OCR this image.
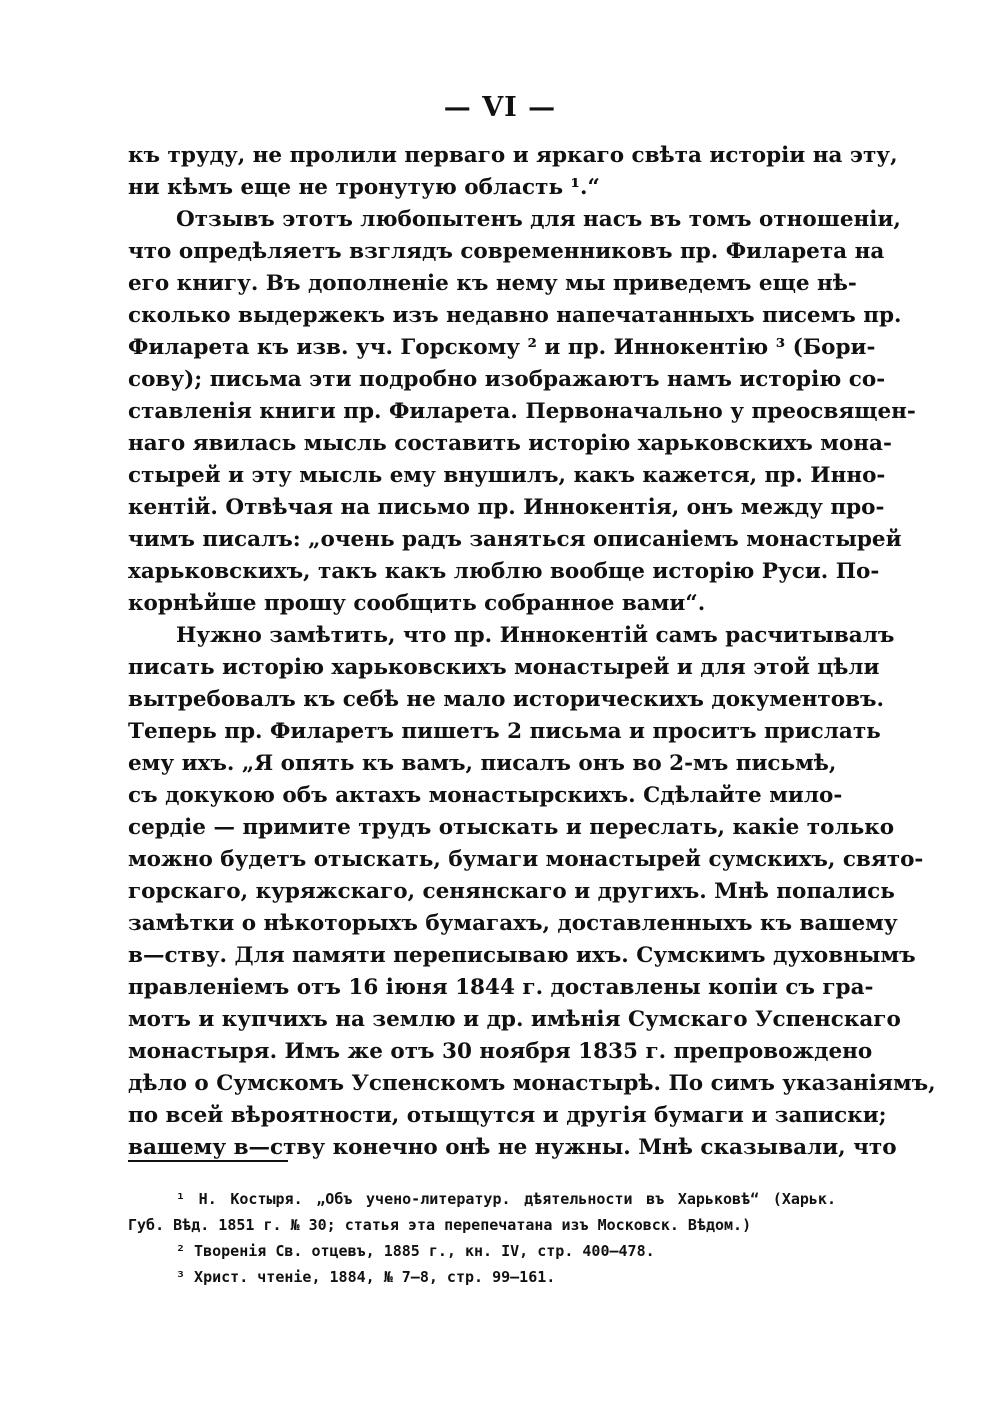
— VI —
къ труду, не пролили перваго и яркаго свѣта исторіи на эту,
ни кѣмъ еще не тронутую область ¹.“
Отзывъ этотъ любопытенъ для насъ въ томъ отношеніи,
что опредѣляетъ взглядъ современниковъ пр. Филарета на
его книгу. Въ дополненіе къ нему мы приведемъ еще нѣ-
сколько выдержекъ изъ недавно напечатанныхъ писемъ пр.
Филарета къ изв. уч. Горскому ² и пр. Иннокентію ³ (Бори-
сову); письма эти подробно изображаютъ намъ исторію со-
ставленія книги пр. Филарета. Первоначально у преосвящен-
наго явилась мысль составить исторію харьковскихъ мона-
стырей и эту мысль ему внушилъ, какъ кажется, пр. Инно-
кентій. Отвѣчая на письмо пр. Иннокентія, онъ между про-
чимъ писалъ: „очень радъ заняться описаніемъ монастырей
харьковскихъ, такъ какъ люблю вообще исторію Руси. По-
корнѣйше прошу сообщить собранное вами“.
Нужно замѣтить, что пр. Иннокентій самъ расчитывалъ
писать исторію харьковскихъ монастырей и для этой цѣли
вытребовалъ къ себѣ не мало историческихъ документовъ.
Теперь пр. Филаретъ пишетъ 2 письма и проситъ прислать
ему ихъ. „Я опять къ вамъ, писалъ онъ во 2-мъ письмѣ,
съ докукою объ актахъ монастырскихъ. Сдѣлайте мило-
сердіе — примите трудъ отыскать и переслать, какіе только
можно будетъ отыскать, бумаги монастырей сумскихъ, свято-
горскаго, куряжскаго, сенянскаго и другихъ. Мнѣ попались
замѣтки о нѣкоторыхъ бумагахъ, доставленныхъ къ вашему
в—ству. Для памяти переписываю ихъ. Сумскимъ духовнымъ
правленіемъ отъ 16 іюня 1844 г. доставлены копіи съ гра-
мотъ и купчихъ на землю и др. имѣнія Сумскаго Успенскаго
монастыря. Имъ же отъ 30 ноября 1835 г. препровождено
дѣло о Сумскомъ Успенскомъ монастырѣ. По симъ указаніямъ,
по всей вѣроятности, отыщутся и другія бумаги и записки;
вашему в—ству конечно онѣ не нужны. Мнѣ сказывали, что
¹ Н. Костыря. „Объ учено-литератур. дѣятельности въ Харьковѣ“ (Харьк.
Губ. Вѣд. 1851 г. № 30; статья эта перепечатана изъ Московск. Вѣдом.)
² Творенія Св. отцевъ, 1885 г., кн. IV, стр. 400—478.
³ Христ. чтеніе, 1884, № 7—8, стр. 99—161.
